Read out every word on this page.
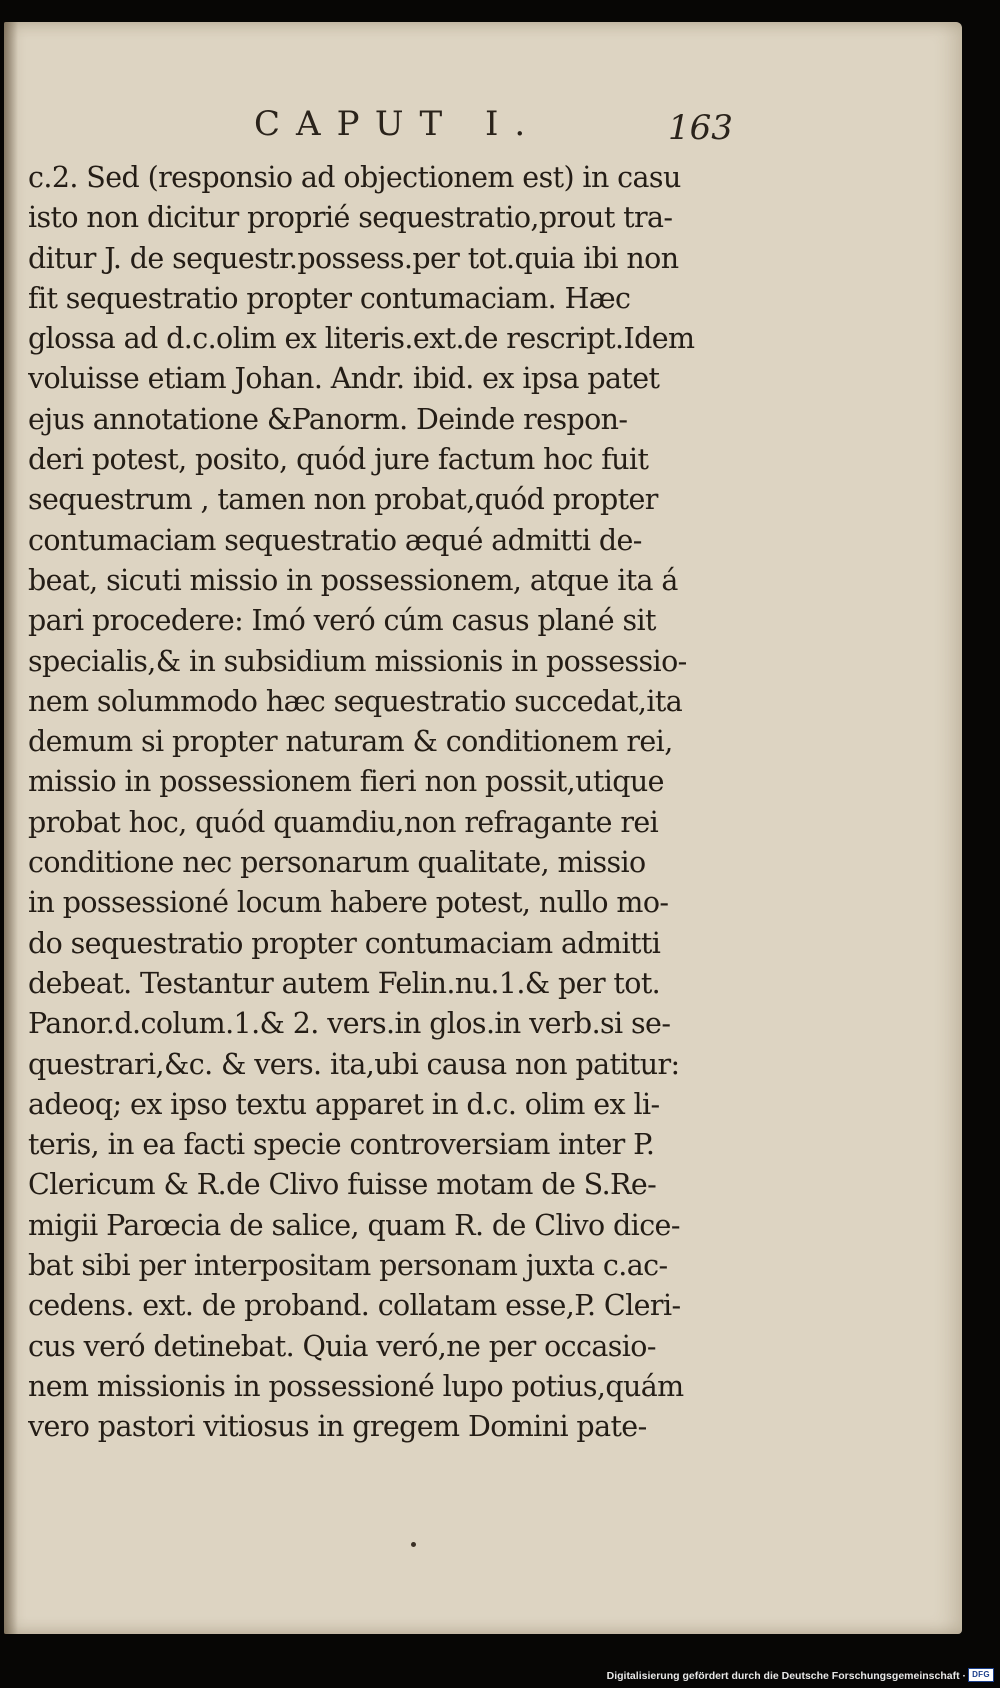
CAPUT I.	163
c.2. Sed (responsio ad objectionem est) in casu
isto non dicitur proprié sequestratio,prout tra-
ditur J. de sequestr.possess.per tot.quia ibi non
fit sequestratio propter contumaciam. Hæc
glossa ad d.c.olim ex literis.ext.de rescript.Idem
voluisse etiam Johan. Andr. ibid. ex ipsa patet
ejus annotatione &Panorm. Deinde respon-
deri potest, posito, quód jure factum hoc fuit
sequestrum , tamen non probat,quód propter
contumaciam sequestratio æqué admitti de-
beat, sicuti missio in possessionem, atque ita á
pari procedere: Imó veró cúm casus plané sit
specialis,& in subsidium missionis in possessio-
nem solummodo hæc sequestratio succedat,ita
demum si propter naturam & conditionem rei,
missio in possessionem fieri non possit,utique
probat hoc, quód quamdiu,non refragante rei
conditione nec personarum qualitate, missio
in possessioné locum habere potest, nullo mo-
do sequestratio propter contumaciam admitti
debeat. Testantur autem Felin.nu.1.& per tot.
Panor.d.colum.1.& 2. vers.in glos.in verb.si se-
questrari,&c. & vers. ita,ubi causa non patitur:
adeoq; ex ipso textu apparet in d.c. olim ex li-
teris, in ea facti specie controversiam inter P.
Clericum & R.de Clivo fuisse motam de S.Re-
migii Parœcia de salice, quam R. de Clivo dice-
bat sibi per interpositam personam juxta c.ac-
cedens. ext. de proband. collatam esse,P. Cleri-
cus veró detinebat. Quia veró,ne per occasio-
nem missionis in possessioné lupo potius,quám
vero pastori vitiosus in gregem Domini pate-
Digitalisierung gefördert durch die Deutsche Forschungsgemeinschaft · DFG
